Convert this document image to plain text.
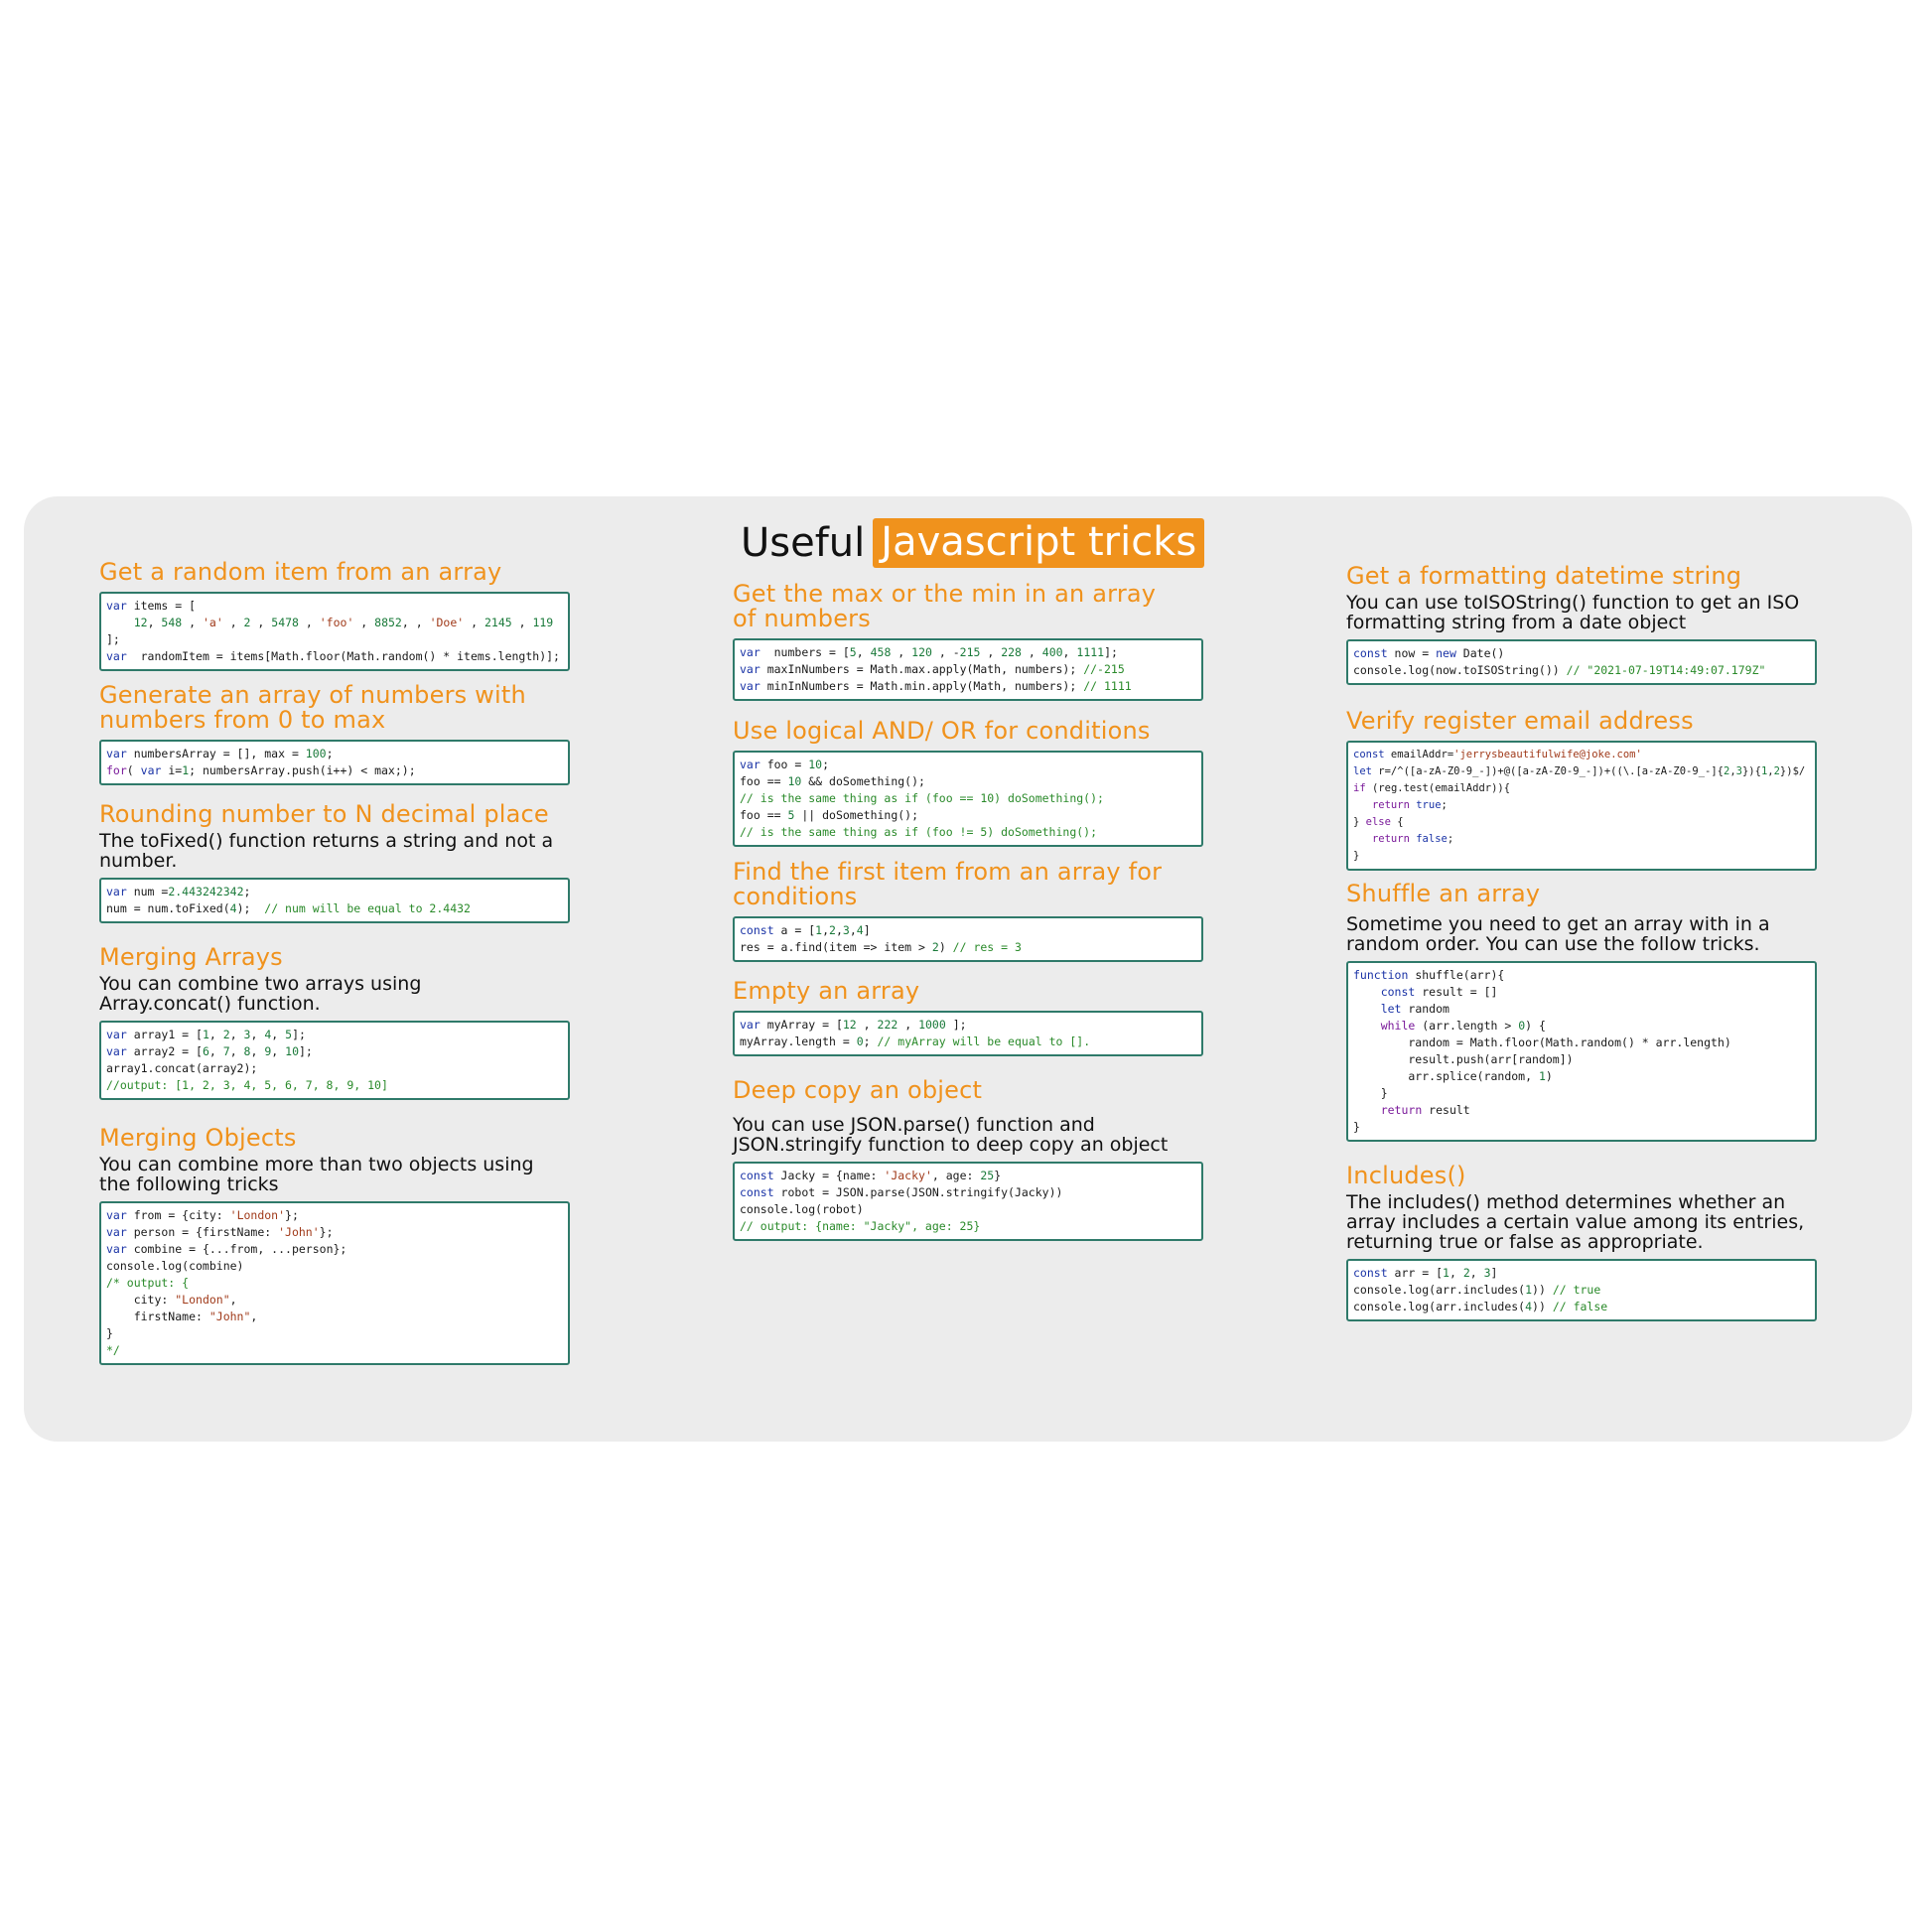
Useful Javascript tricks
Get a random item from an array
var items = [
12, 548 , 'a' , 2 , 5478 , 'foo' , 8852, , 'Doe' , 2145 , 119
];
var  randomItem = items[Math.floor(Math.random() * items.length)];
Generate an array of numbers with numbers from 0 to max
var numbersArray = [], max = 100;
for( var i=1; numbersArray.push(i++) < max;);
Rounding number to N decimal place

The toFixed() function returns a string and not a number.

var num =2.443242342;
num = num.toFixed(4);  // num will be equal to 2.4432
Merging Arrays

You can combine two arrays using Array.concat() function.

var array1 = [1, 2, 3, 4, 5];
var array2 = [6, 7, 8, 9, 10];
array1.concat(array2);
//output: [1, 2, 3, 4, 5, 6, 7, 8, 9, 10]
Merging Objects

You can combine more than two objects using the following tricks

var from = {city: 'London'};
var person = {firstName: 'John'};
var combine = {...from, ...person};
console.log(combine)
/* output: {
city: "London",
firstName: "John",
}
*/
Get the max or the min in an array of numbers
var  numbers = [5, 458 , 120 , -215 , 228 , 400, 1111];
var maxInNumbers = Math.max.apply(Math, numbers); //-215
var minInNumbers = Math.min.apply(Math, numbers); // 1111
Use logical AND/ OR for conditions
var foo = 10;
foo == 10 && doSomething();
// is the same thing as if (foo == 10) doSomething();
foo == 5 || doSomething();
// is the same thing as if (foo != 5) doSomething();
Find the first item from an array for conditions
const a = [1,2,3,4]
res = a.find(item => item > 2) // res = 3
Empty an array
var myArray = [12 , 222 , 1000 ];
myArray.length = 0; // myArray will be equal to [].
Deep copy an object

You can use JSON.parse() function and JSON.stringify function to deep copy an object

const Jacky = {name: 'Jacky', age: 25}
const robot = JSON.parse(JSON.stringify(Jacky))
console.log(robot)
// output: {name: "Jacky", age: 25}
Get a formatting datetime string

You can use toISOString() function to get an ISO formatting string from a date object

const now = new Date()
console.log(now.toISOString()) // "2021-07-19T14:49:07.179Z"
Verify register email address
const emailAddr='jerrysbeautifulwife@joke.com'
let r=/^([a-zA-Z0-9_-])+@([a-zA-Z0-9_-])+((\.[a-zA-Z0-9_-]{2,3}){1,2})$/
if (reg.test(emailAddr)){
return true;
} else {
return false;
}
Shuffle an array

Sometime you need to get an array with in a random order. You can use the follow tricks.

function shuffle(arr){
const result = []
let random
while (arr.length > 0) {
random = Math.floor(Math.random() * arr.length)
result.push(arr[random])
arr.splice(random, 1)
}
return result
}
Includes()

The includes() method determines whether an array includes a certain value among its entries, returning true or false as appropriate.

const arr = [1, 2, 3]
console.log(arr.includes(1)) // true
console.log(arr.includes(4)) // false
